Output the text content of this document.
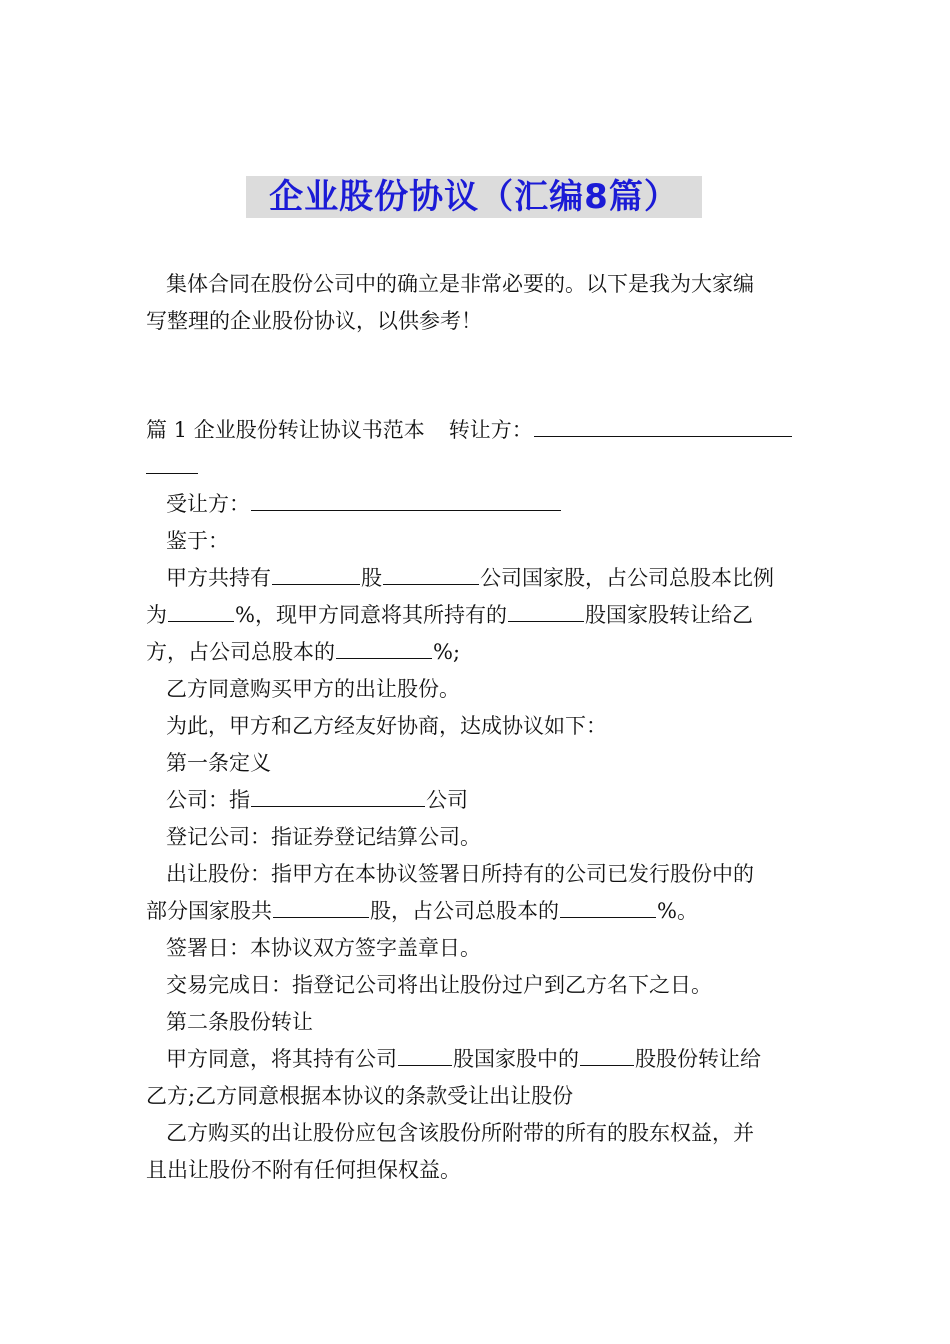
企业股份协议（汇编8篇）
集体合同在股份公司中的确立是非常必要的。以下是我为大家编
写整理的企业股份协议，以供参考！
篇 1 企业股份转让协议书范本 转让方：
受让方：
鉴于：
甲方共持有	股	公司国家股，占公司总股本比例
为	%，现甲方同意将其所持有的	股国家股转让给乙
方，占公司总股本的	%;
乙方同意购买甲方的出让股份。
为此，甲方和乙方经友好协商，达成协议如下：
第一条定义
公司：指	公司
登记公司：指证券登记结算公司。
出让股份：指甲方在本协议签署日所持有的公司已发行股份中的
部分国家股共	股，占公司总股本的	%。
签署日：本协议双方签字盖章日。
交易完成日：指登记公司将出让股份过户到乙方名下之日。
第二条股份转让
甲方同意，将其持有公司	股国家股中的	股股份转让给
乙方;乙方同意根据本协议的条款受让出让股份
乙方购买的出让股份应包含该股份所附带的所有的股东权益，并
且出让股份不附有任何担保权益。
